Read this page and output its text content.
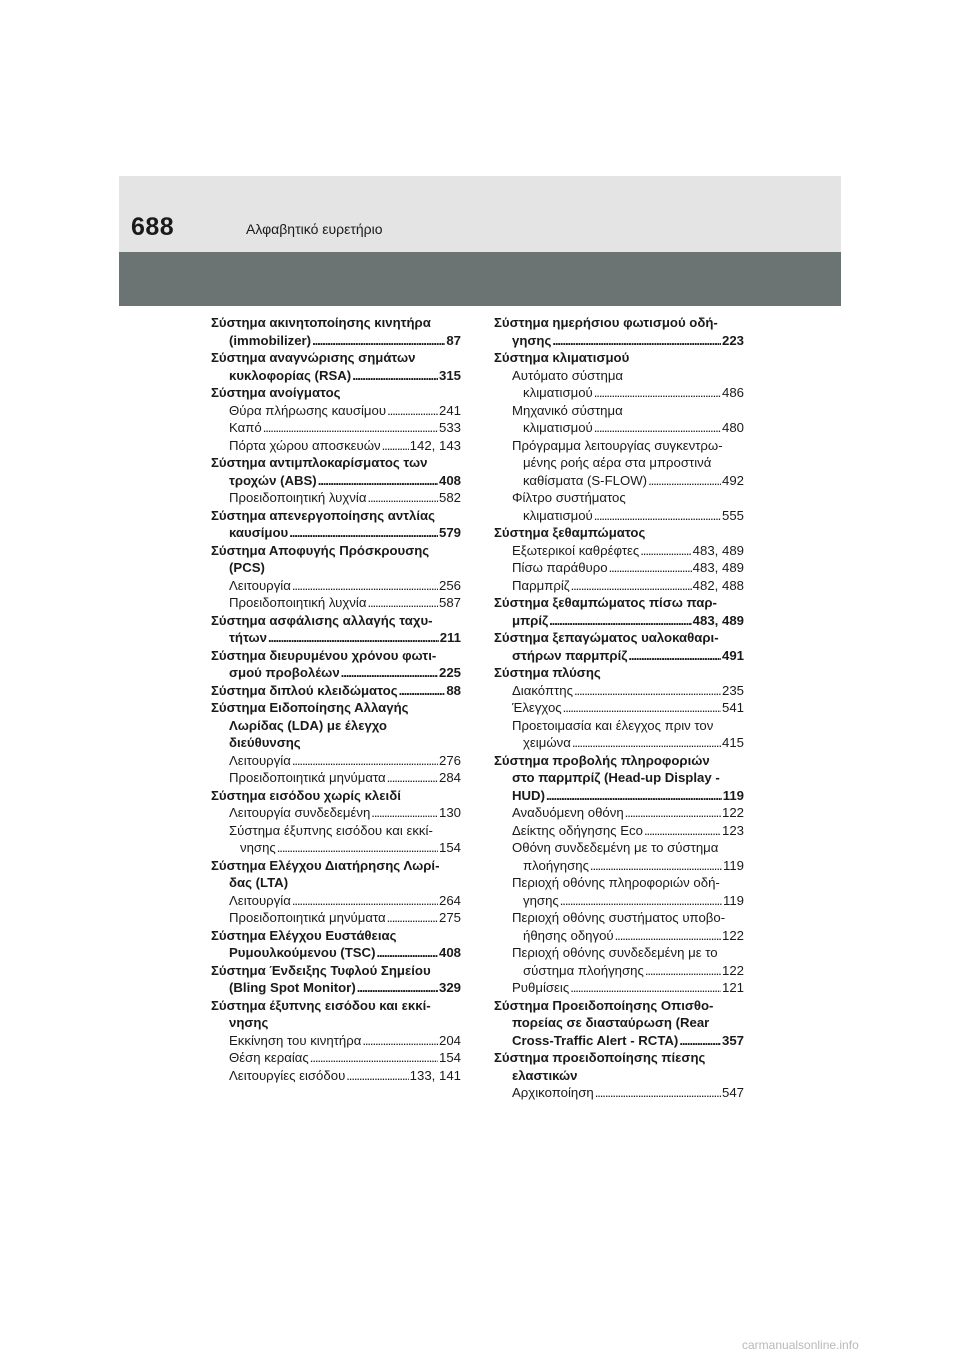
688	Αλφαβητικό ευρετήριο
Σύστημα ακινητοποίησης κινητήρα
(immobilizer) . . .	87
Σύστημα αναγνώρισης σημάτων
κυκλοφορίας (RSA) . . .	315
Σύστημα ανοίγματος
Θύρα πλήρωσης καυσίμου . . .	241
Καπό . . .	533
Πόρτα χώρου αποσκευών . . . 142, 143
Σύστημα αντιμπλοκαρίσματος των
τροχών (ABS) . . .	408
Προειδοποιητική λυχνία . . .	582
Σύστημα απενεργοποίησης αντλίας
καυσίμου . . .	579
Σύστημα Αποφυγής Πρόσκρουσης
(PCS)
Λειτουργία . . .	256
Προειδοποιητική λυχνία . . .	587
Σύστημα ασφάλισης αλλαγής ταχυ-
τήτων . . .	211
Σύστημα διευρυμένου χρόνου φωτι-
σμού προβολέων . . .	225
Σύστημα διπλού κλειδώματος . . .	88
Σύστημα Ειδοποίησης Αλλαγής
Λωρίδας (LDA) με έλεγχο
διεύθυνσης
Λειτουργία . . .	276
Προειδοποιητικά μηνύματα . . .	284
Σύστημα εισόδου χωρίς κλειδί
Λειτουργία συνδεδεμένη . . .	130
Σύστημα έξυπνης εισόδου και εκκί-
νησης . . .	154
Σύστημα Ελέγχου Διατήρησης Λωρί-
δας (LTA)
Λειτουργία . . .	264
Προειδοποιητικά μηνύματα . . .	275
Σύστημα Ελέγχου Ευστάθειας
Ρυμουλκούμενου (TSC) . . .	408
Σύστημα Ένδειξης Τυφλού Σημείου
(Bling Spot Monitor) . . .	329
Σύστημα έξυπνης εισόδου και εκκί-
νησης
Εκκίνηση του κινητήρα . . .	204
Θέση κεραίας . . .	154
Λειτουργίες εισόδου . . .	133, 141
Σύστημα ημερήσιου φωτισμού οδή-
γησης . . .	223
Σύστημα κλιματισμού
Αυτόματο σύστημα
κλιματισμού . . .	486
Μηχανικό σύστημα
κλιματισμού . . .	480
Πρόγραμμα λειτουργίας συγκεντρω-
μένης ροής αέρα στα μπροστινά
καθίσματα (S-FLOW) . . .	492
Φίλτρο συστήματος
κλιματισμού . . .	555
Σύστημα ξεθαμπώματος
Εξωτερικοί καθρέφτες . . .	483, 489
Πίσω παράθυρο . . .	483, 489
Παρμπρίζ . . .	482, 488
Σύστημα ξεθαμπώματος πίσω παρ-
μπρίζ . . .	483, 489
Σύστημα ξεπαγώματος υαλοκαθαρι-
στήρων παρμπρίζ . . .	491
Σύστημα πλύσης
Διακόπτης . . .	235
Έλεγχος . . .	541
Προετοιμασία και έλεγχος πριν τον
χειμώνα . . .	415
Σύστημα προβολής πληροφοριών
στο παρμπρίζ (Head-up Display -
HUD) . . .	119
Αναδυόμενη οθόνη . . .	122
Δείκτης οδήγησης Eco . . .	123
Οθόνη συνδεδεμένη με το σύστημα
πλοήγησης . . .	119
Περιοχή οθόνης πληροφοριών οδή-
γησης . . .	119
Περιοχή οθόνης συστήματος υποβο-
ήθησης οδηγού . . .	122
Περιοχή οθόνης συνδεδεμένη με το
σύστημα πλοήγησης . . .	122
Ρυθμίσεις . . .	121
Σύστημα Προειδοποίησης Οπισθο-
πορείας σε διασταύρωση (Rear
Cross-Traffic Alert - RCTA) . . .	357
Σύστημα προειδοποίησης πίεσης
ελαστικών
Αρχικοποίηση . . .	547
carmanualsonline.info
